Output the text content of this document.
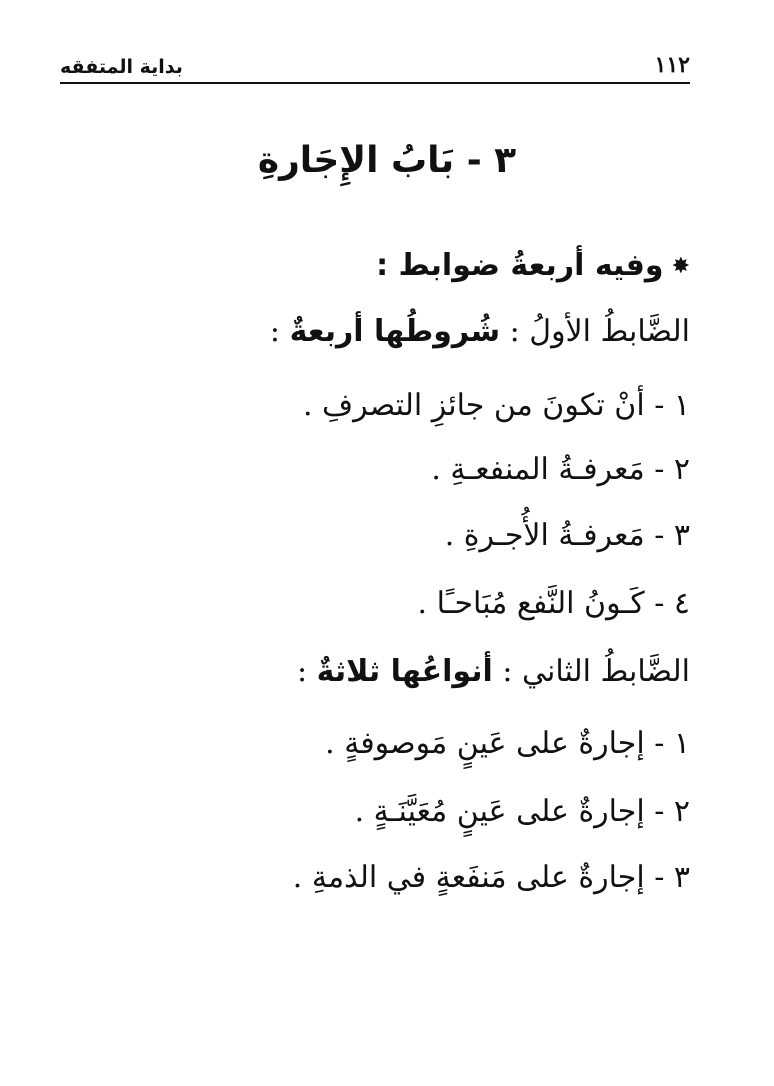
١١٢
بداية المتفقه
٣ - بَابُ الإِجَارةِ
✸وفيه أربعةُ ضوابط :
الضَّابطُ الأولُ : شُروطُها أربعةٌ :
١ - أنْ تكونَ من جائزِ التصرفِ .
٢ - مَعرفـةُ المنفعـةِ .
٣ - مَعرفـةُ الأُجـرةِ .
٤ - كَـونُ النَّفع مُبَاحـًا .
الضَّابطُ الثاني : أنواعُها ثلاثةٌ :
١ - إجارةٌ على عَينٍ مَوصوفةٍ .
٢ - إجارةٌ على عَينٍ مُعَيَّنَـةٍ .
٣ - إجارةٌ على مَنفَعةٍ في الذمةِ .
